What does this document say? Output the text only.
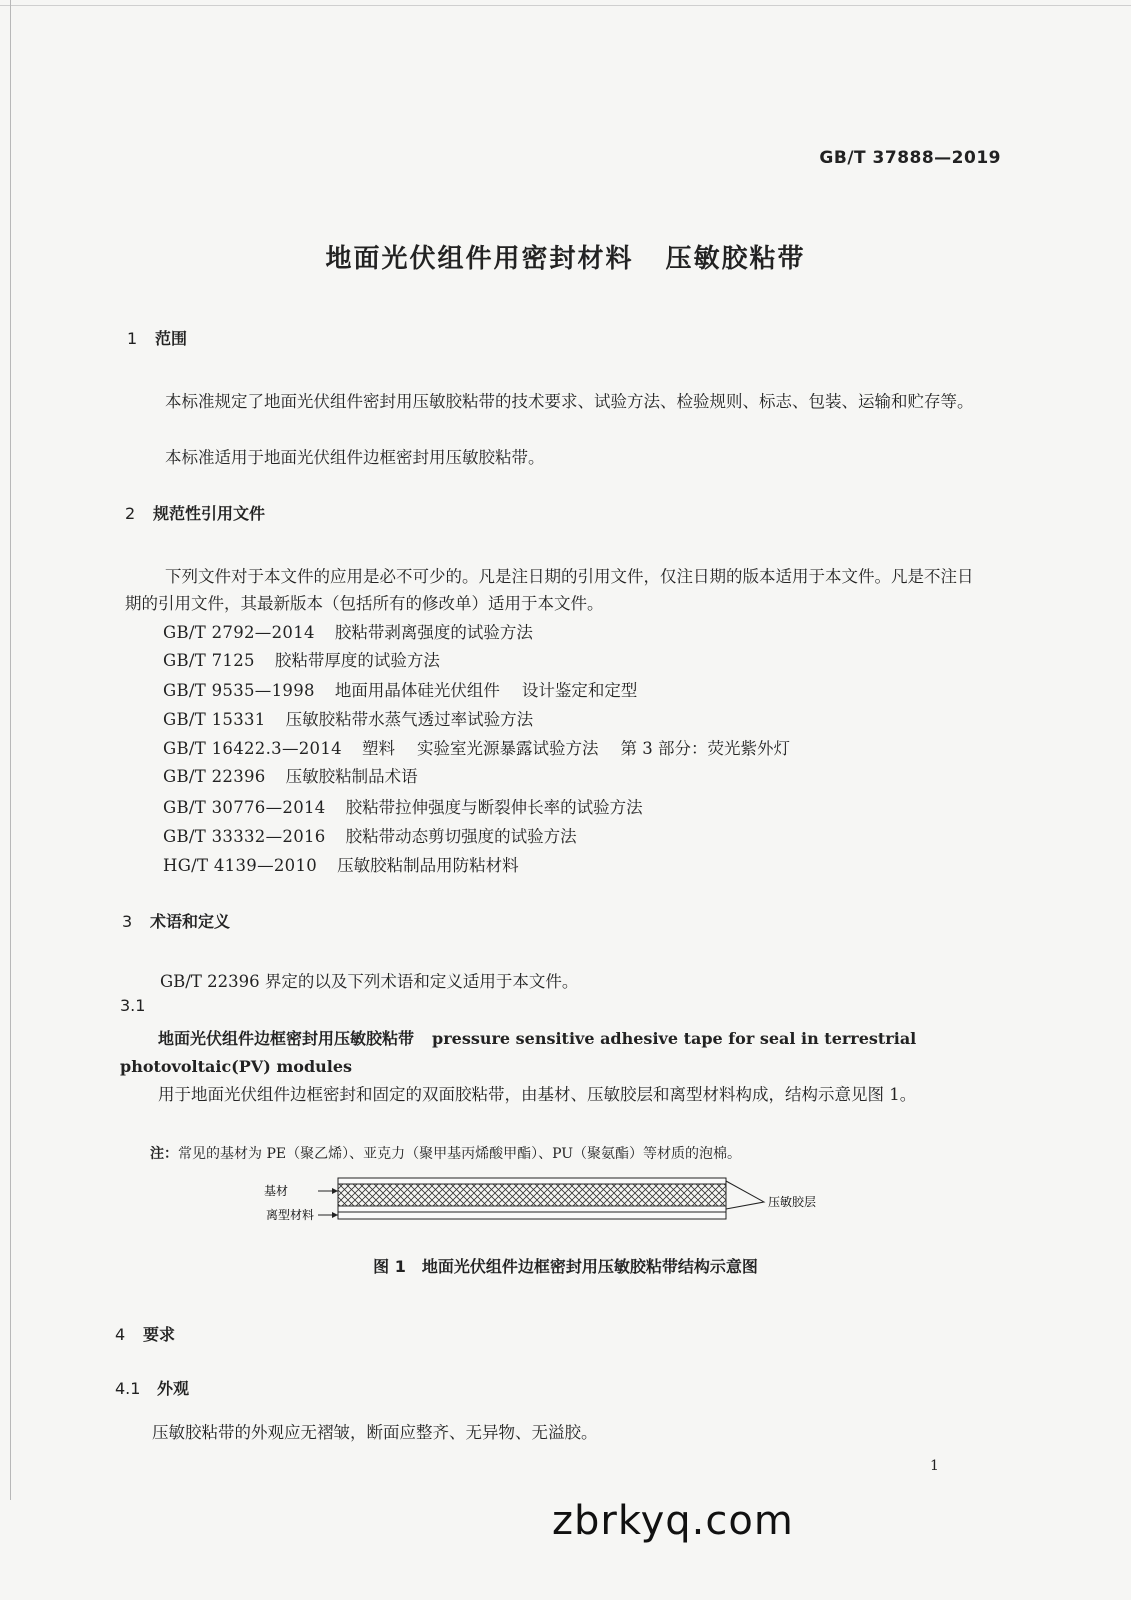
GB/T 37888—2019
地面光伏组件用密封材料 压敏胶粘带
1 范围
本标准规定了地面光伏组件密封用压敏胶粘带的技术要求、试验方法、检验规则、标志、包装、运输和贮存等。
本标准适用于地面光伏组件边框密封用压敏胶粘带。
2 规范性引用文件
下列文件对于本文件的应用是必不可少的。凡是注日期的引用文件，仅注日期的版本适用于本文件。凡是不注日期的引用文件，其最新版本（包括所有的修改单）适用于本文件。
GB/T 2792—2014 胶粘带剥离强度的试验方法
GB/T 7125 胶粘带厚度的试验方法
GB/T 9535—1998 地面用晶体硅光伏组件 设计鉴定和定型
GB/T 15331 压敏胶粘带水蒸气透过率试验方法
GB/T 16422.3—2014 塑料 实验室光源暴露试验方法 第 3 部分：荧光紫外灯
GB/T 22396 压敏胶粘制品术语
GB/T 30776—2014 胶粘带拉伸强度与断裂伸长率的试验方法
GB/T 33332—2016 胶粘带动态剪切强度的试验方法
HG/T 4139—2010 压敏胶粘制品用防粘材料
3 术语和定义
GB/T 22396 界定的以及下列术语和定义适用于本文件。
3.1
地面光伏组件边框密封用压敏胶粘带 pressure sensitive adhesive tape for seal in terrestrial photovoltaic(PV) modules
用于地面光伏组件边框密封和固定的双面胶粘带，由基材、压敏胶层和离型材料构成，结构示意见图 1。
注：常见的基材为 PE（聚乙烯）、亚克力（聚甲基丙烯酸甲酯）、PU（聚氨酯）等材质的泡棉。
基材
离型材料
压敏胶层
图 1　地面光伏组件边框密封用压敏胶粘带结构示意图
4 要求
4.1 外观
压敏胶粘带的外观应无褶皱，断面应整齐、无异物、无溢胶。
1
zbrkyq.com
